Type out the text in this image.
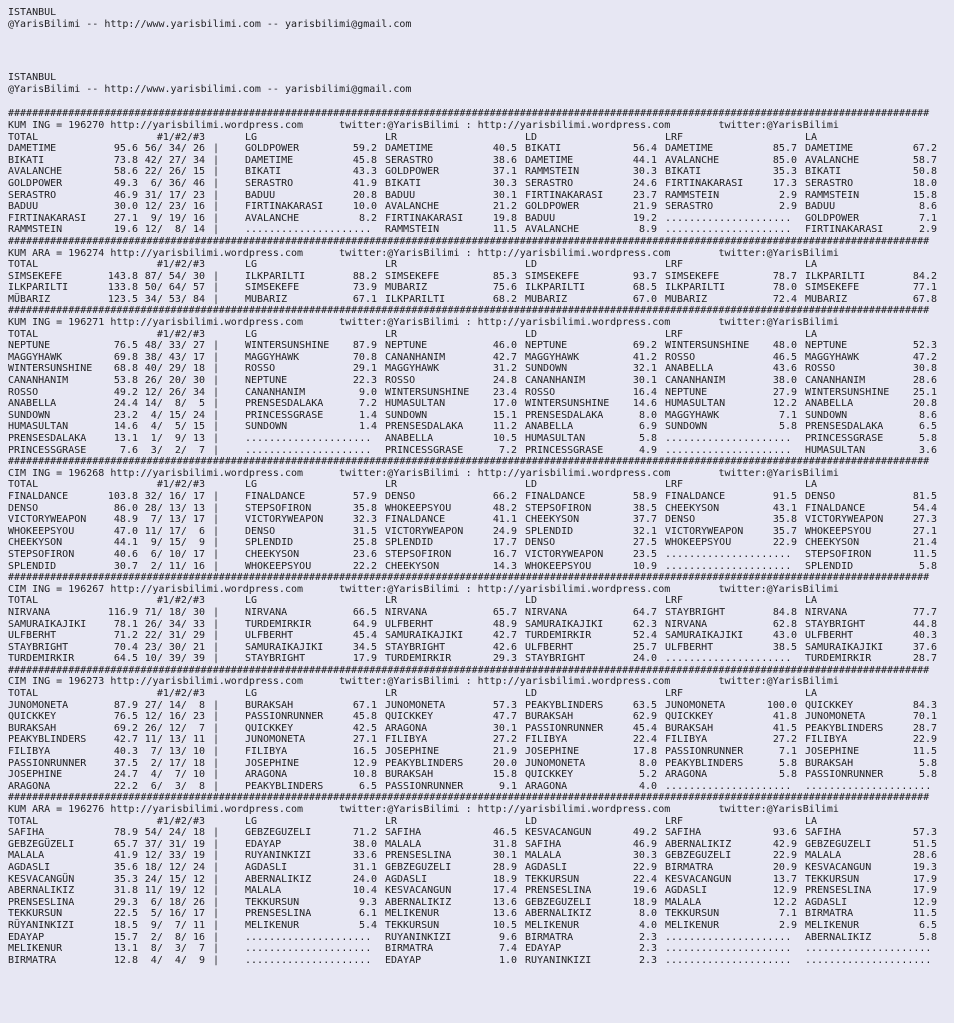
ISTANBUL
@YarisBilimi -- http://www.yarisbilimi.com -- yarisbilimi@gmail.com
ISTANBUL
@YarisBilimi -- http://www.yarisbilimi.com -- yarisbilimi@gmail.com
#########################################################################################################################################################
KUM ING = 196270 http://yarisbilimi.wordpress.com	twitter:@YarisBilimi : http://yarisbilimi.wordpress.com	twitter:@YarisBilimi
TOTAL	#1/#2/#3	LG	LR	LD	LRF	LA
DAMETIME	95.6 56/ 34/ 26 |	GOLDPOWER	59.2 DAMETIME	40.5 BIKATI	56.4 DAMETIME	85.7 DAMETIME	67.2
BIKATI	73.8 42/ 27/ 34 |	DAMETIME	45.8 SERASTRO	38.6 DAMETIME	44.1 AVALANCHE	85.0 AVALANCHE	58.7
AVALANCHE	58.6 22/ 26/ 15 |	BIKATI	43.3 GOLDPOWER	37.1 RAMMSTEIN	30.3 BIKATI	35.3 BIKATI	50.8
GOLDPOWER	49.3 6/ 36/ 46 |	SERASTRO	41.9 BIKATI	30.3 SERASTRO	24.6 FIRTINAKARASI	17.3 SERASTRO	18.0
SERASTRO	46.9 31/ 17/ 23 |	BADUU	20.8 BADUU	30.1 FIRTINAKARASI	23.7 RAMMSTEIN	2.9 RAMMSTEIN	15.8
BADUU	30.0 12/ 23/ 16 |	FIRTINAKARASI	10.0 AVALANCHE	21.2 GOLDPOWER	21.9 SERASTRO	2.9 BADUU	8.6
FIRTINAKARASI	27.1 9/ 19/ 16 |	AVALANCHE	8.2 FIRTINAKARASI	19.8 BADUU	19.2 ..................... GOLDPOWER	7.1
RAMMSTEIN	19.6 12/  8/ 14 |	..................... RAMMSTEIN	11.5 AVALANCHE	8.9 ..................... FIRTINAKARASI	2.9
#########################################################################################################################################################
KUM ARA = 196274 http://yarisbilimi.wordpress.com	twitter:@YarisBilimi : http://yarisbilimi.wordpress.com	twitter:@YarisBilimi
TOTAL	#1/#2/#3	LG	LR	LD	LRF	LA
SIMSEKEFE	143.8 87/ 54/ 30 |	ILKPARILTI	88.2 SIMSEKEFE	85.3 SIMSEKEFE	93.7 SIMSEKEFE	78.7 ILKPARILTI	84.2
ILKPARILTI	133.8 50/ 64/ 57 |	SIMSEKEFE	73.9 MÜBARIZ	75.6 ILKPARILTI	68.5 ILKPARILTI	78.0 SIMSEKEFE	77.1
MÜBARIZ	123.5 34/ 53/ 84 |	MÜBARIZ	67.1 ILKPARILTI	68.2 MÜBARIZ	67.0 MÜBARIZ	72.4 MÜBARIZ	67.8
#########################################################################################################################################################
KUM ING = 196271 http://yarisbilimi.wordpress.com	twitter:@YarisBilimi : http://yarisbilimi.wordpress.com	twitter:@YarisBilimi
TOTAL	#1/#2/#3	LG	LR	LD	LRF	LA
NEPTUNE	76.5 48/ 33/ 27 |	WINTERSUNSHINE 87.9 NEPTUNE	46.0 NEPTUNE	69.2 WINTERSUNSHINE 48.0 NEPTUNE	52.3
MAGGYHAWK	69.8 38/ 43/ 17 |	MAGGYHAWK	70.8 CANANHANIM	42.7 MAGGYHAWK	41.2 ROSSO	46.5 MAGGYHAWK	47.2
WINTERSUNSHINE	68.8 40/ 29/ 18 |	ROSSO	29.1 MAGGYHAWK	31.2 SUNDOWN	32.1 ANABELLA	43.6 ROSSO	30.8
CANANHANIM	53.8 26/ 20/ 30 |	NEPTUNE	22.3 ROSSO	24.8 CANANHANIM	30.1 CANANHANIM	38.0 CANANHANIM	28.6
ROSSO	49.2 12/ 26/ 34 |	CANANHANIM	9.0 WINTERSUNSHINE 23.4 ROSSO	16.4 NEPTUNE	27.9 WINTERSUNSHINE 25.1
ANABELLA	24.4 14/  8/  5 |	PRENSESDALAKA	7.2 HUMASULTAN	17.0 WINTERSUNSHINE 14.6 HUMASULTAN	12.2 ANABELLA	20.8
SUNDOWN	23.2 4/ 15/ 24 |	PRINCESSGRASE	1.4 SUNDOWN	15.1 PRENSESDALAKA	8.0 MAGGYHAWK	7.1 SUNDOWN	8.6
HUMASULTAN	14.6 4/  5/ 15 |	SUNDOWN	1.4 PRENSESDALAKA	11.2 ANABELLA	6.9 SUNDOWN	5.8 PRENSESDALAKA	6.5
PRENSESDALAKA	13.1 1/  9/ 13 |	..................... ANABELLA	10.5 HUMASULTAN	5.8 ..................... PRINCESSGRASE	5.8
PRINCESSGRASE	7.6 3/  2/  7 |	..................... PRINCESSGRASE	7.2 PRINCESSGRASE	4.9 ..................... HUMASULTAN	3.6
#########################################################################################################################################################
CIM ING = 196268 http://yarisbilimi.wordpress.com	twitter:@YarisBilimi : http://yarisbilimi.wordpress.com	twitter:@YarisBilimi
TOTAL	#1/#2/#3	LG	LR	LD	LRF	LA
FINALDANCE	103.8 32/ 16/ 17 |	FINALDANCE	57.9 DENSO	66.2 FINALDANCE	58.9 FINALDANCE	91.5 DENSO	81.5
DENSO	86.0 28/ 13/ 13 |	STEPSOFIRON	35.8 WHOKEEPSYOU	48.2 STEPSOFIRON	38.5 CHEEKYSON	43.1 FINALDANCE	54.4
VICTORYWEAPON	48.9 7/ 13/ 17 |	VICTORYWEAPON	32.3 FINALDANCE	41.1 CHEEKYSON	37.7 DENSO	35.8 VICTORYWEAPON	27.3
WHOKEEPSYOU	47.0 11/ 17/  6 |	DENSO	31.5 VICTORYWEAPON	24.9 SPLENDID	32.1 VICTORYWEAPON	35.7 WHOKEEPSYOU	27.1
CHEEKYSON	44.1 9/ 15/  9 |	SPLENDID	25.8 SPLENDID	17.7 DENSO	27.5 WHOKEEPSYOU	22.9 CHEEKYSON	21.4
STEPSOFIRON	40.6 6/ 10/ 17 |	CHEEKYSON	23.6 STEPSOFIRON	16.7 VICTORYWEAPON	23.5 ..................... STEPSOFIRON	11.5
SPLENDID	30.7 2/ 11/ 16 |	WHOKEEPSYOU	22.2 CHEEKYSON	14.3 WHOKEEPSYOU	10.9 ..................... SPLENDID	5.8
#########################################################################################################################################################
CIM ING = 196267 http://yarisbilimi.wordpress.com	twitter:@YarisBilimi : http://yarisbilimi.wordpress.com	twitter:@YarisBilimi
TOTAL	#1/#2/#3	LG	LR	LD	LRF	LA
NIRVANA	116.9 71/ 18/ 30 |	NIRVANA	66.5 NIRVANA	65.7 NIRVANA	64.7 STAYBRIGHT	84.8 NIRVANA	77.7
SAMURAIKAJIKI	78.1 26/ 34/ 33 |	TURDEMIRKIR	64.9 ULFBERHT	48.9 SAMURAIKAJIKI	62.3 NIRVANA	62.8 STAYBRIGHT	44.8
ULFBERHT	71.2 22/ 31/ 29 |	ULFBERHT	45.4 SAMURAIKAJIKI	42.7 TURDEMIRKIR	52.4 SAMURAIKAJIKI	43.0 ULFBERHT	40.3
STAYBRIGHT	70.4 23/ 30/ 21 |	SAMURAIKAJIKI	34.5 STAYBRIGHT	42.6 ULFBERHT	25.7 ULFBERHT	38.5 SAMURAIKAJIKI	37.6
TURDEMIRKIR	64.5 10/ 39/ 39 |	STAYBRIGHT	17.9 TURDEMIRKIR	29.3 STAYBRIGHT	24.0 ..................... TURDEMIRKIR	28.7
#########################################################################################################################################################
CIM ING = 196273 http://yarisbilimi.wordpress.com	twitter:@YarisBilimi : http://yarisbilimi.wordpress.com	twitter:@YarisBilimi
TOTAL	#1/#2/#3	LG	LR	LD	LRF	LA
JUNOMONETA	87.9 27/ 14/  8 |	BURAKSAH	67.1 JUNOMONETA	57.3 PEAKYBLINDERS	63.5 JUNOMONETA	100.0 QUICKKEY	84.3
QUICKKEY	76.5 12/ 16/ 23 |	PASSIONRUNNER	45.8 QUICKKEY	47.7 BURAKSAH	62.9 QUICKKEY	41.8 JUNOMONETA	70.1
BURAKSAH	69.2 26/ 12/  7 |	QUICKKEY	42.5 ARAGONA	30.1 PASSIONRUNNER	45.4 BURAKSAH	41.5 PEAKYBLINDERS	28.7
PEAKYBLINDERS	42.7 11/ 13/ 11 |	JUNOMONETA	27.1 FILIBYA	27.2 FILIBYA	22.4 FILIBYA	27.2 FILIBYA	22.9
FILIBYA	40.3 7/ 13/ 10 |	FILIBYA	16.5 JOSEPHINE	21.9 JOSEPHINE	17.8 PASSIONRUNNER	7.1 JOSEPHINE	11.5
PASSIONRUNNER	37.5 2/ 17/ 18 |	JOSEPHINE	12.9 PEAKYBLINDERS	20.0 JUNOMONETA	8.0 PEAKYBLINDERS	5.8 BURAKSAH	5.8
JOSEPHINE	24.7 4/  7/ 10 |	ARAGONA	10.8 BURAKSAH	15.8 QUICKKEY	5.2 ARAGONA	5.8 PASSIONRUNNER	5.8
ARAGONA	22.2 6/  3/  8 |	PEAKYBLINDERS	6.5 PASSIONRUNNER	9.1 ARAGONA	4.0 ..................... .....................
#########################################################################################################################################################
KUM ARA = 196276 http://yarisbilimi.wordpress.com	twitter:@YarisBilimi : http://yarisbilimi.wordpress.com	twitter:@YarisBilimi
TOTAL	#1/#2/#3	LG	LR	LD	LRF	LA
SAFIHA	78.9 54/ 24/ 18 |	GEBZEGÜZELI	71.2 SAFIHA	46.5 KESVACANGÜN	49.2 SAFIHA	93.6 SAFIHA	57.3
GEBZEGÜZELI	65.7 37/ 31/ 19 |	EDAYAP	38.0 MALALA	31.8 SAFIHA	46.9 ABERNALIKIZ	42.9 GEBZEGÜZELI	51.5
MALALA	41.9 12/ 33/ 19 |	RÜYANINKIZI	33.6 PRENSESLINA	30.1 MALALA	30.3 GEBZEGÜZELI	22.9 MALALA	28.6
AGDASLI	35.6 18/ 12/ 24 |	AGDASLI	31.1 GEBZEGÜZELI	28.9 AGDASLI	22.9 BIRMATRA	20.9 KESVACANGÜN	19.3
KESVACANGÜN	35.3 24/ 15/ 12 |	ABERNALIKIZ	24.0 AGDASLI	18.9 TEKKURSUN	22.4 KESVACANGÜN	13.7 TEKKURSUN	17.9
ABERNALIKIZ	31.8 11/ 19/ 12 |	MALALA	10.4 KESVACANGÜN	17.4 PRENSESLINA	19.6 AGDASLI	12.9 PRENSESLINA	17.9
PRENSESLINA	29.3 6/ 18/ 26 |	TEKKURSUN	9.3 ABERNALIKIZ	13.6 GEBZEGÜZELI	18.9 MALALA	12.2 AGDASLI	12.9
TEKKURSUN	22.5 5/ 16/ 17 |	PRENSESLINA	6.1 MELIKENUR	13.6 ABERNALIKIZ	8.0 TEKKURSUN	7.1 BIRMATRA	11.5
RÜYANINKIZI	18.5 9/  7/ 11 |	MELIKENUR	5.4 TEKKURSUN	10.5 MELIKENUR	4.0 MELIKENUR	2.9 MELIKENUR	6.5
EDAYAP	15.7 2/  8/ 16 |	..................... RÜYANINKIZI	9.6 BIRMATRA	2.3 ..................... ABERNALIKIZ	5.8
MELIKENUR	13.1 8/  3/  7 |	..................... BIRMATRA	7.4 EDAYAP	2.3 ..................... .....................
BIRMATRA	12.8 4/  4/  9 |	..................... EDAYAP	1.0 RÜYANINKIZI	2.3 ..................... .....................
